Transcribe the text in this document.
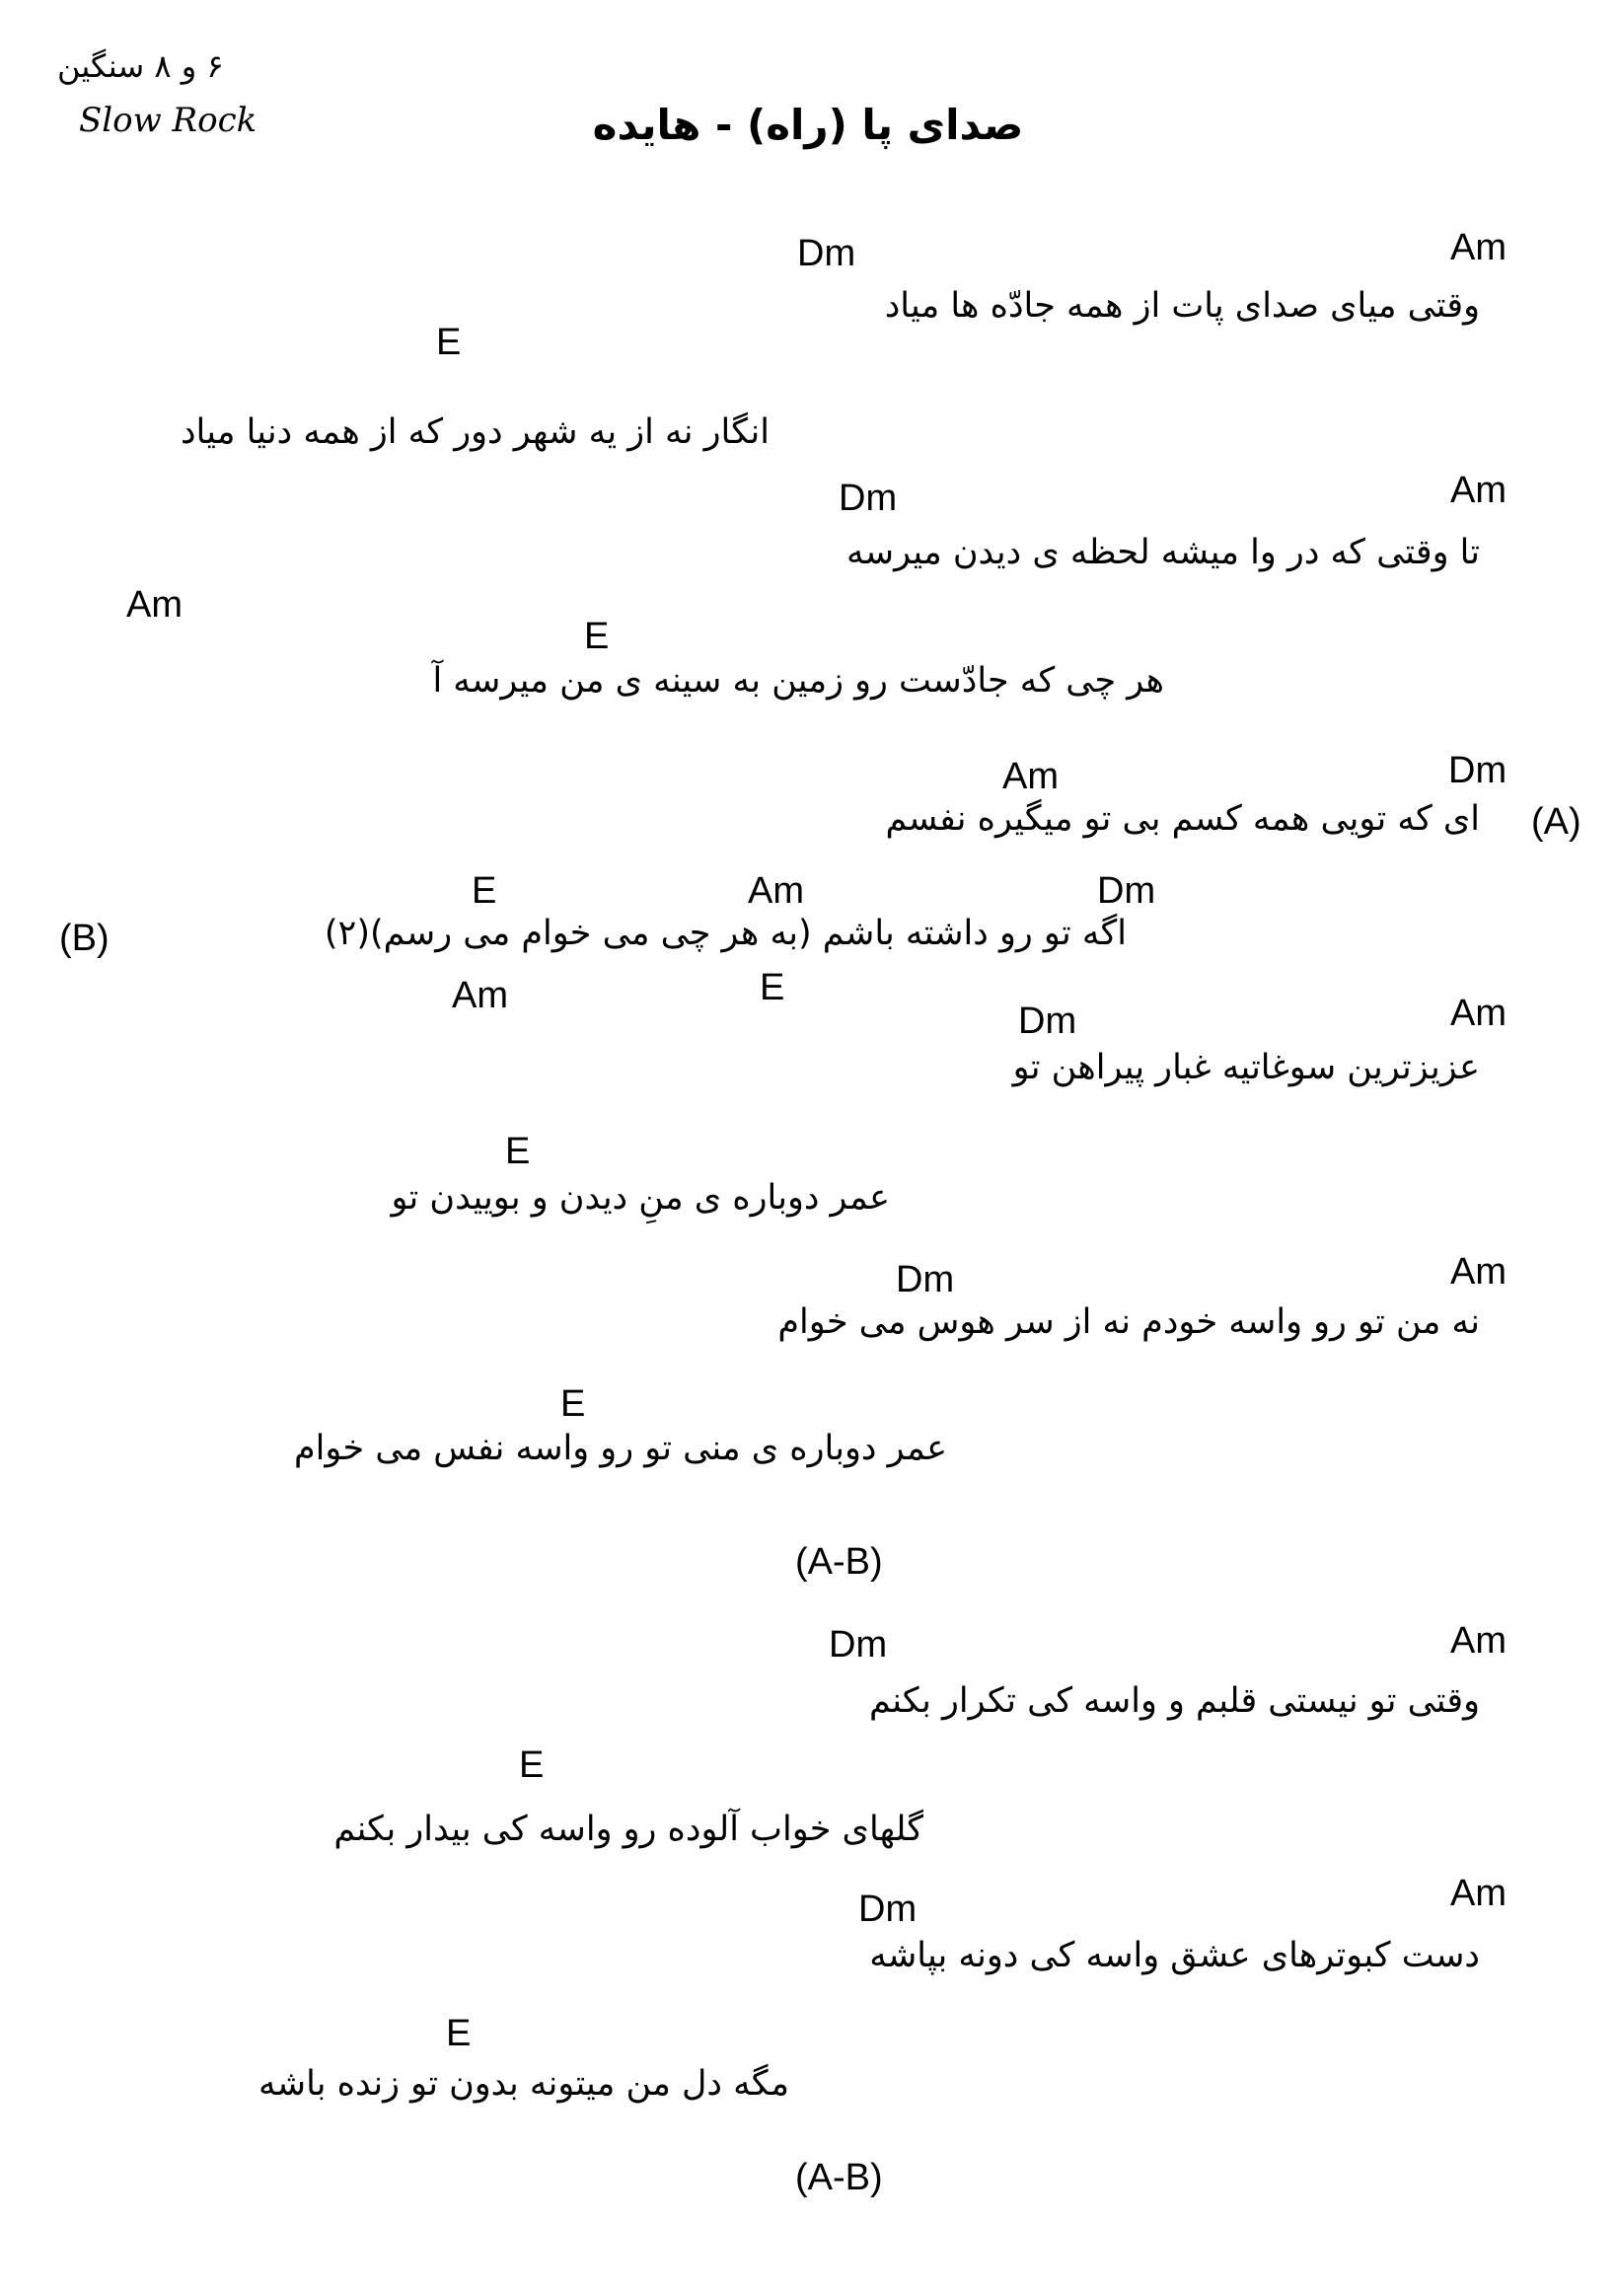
۶ و ۸ سنگین
Slow Rock	صدای پا (راه) - هایده
Am
Dm
وقتی میای صدای پات از همه جادّه ها میاد
E
انگار نه از یه شهر دور که از همه دنیا میاد
Am
Dm
تا وقتی که در وا میشه لحظه ی دیدن میرسه
Am
E
هر چی که جادّست رو زمین به سینه ی من میرسه آ
Dm
Am
(A)
ای که تویی همه کسم بی تو میگیره نفسم
E	Am	Dm
(B)	اگه تو رو داشته باشم (به هر چی می خوام می رسم)(۲)
Am	E
Am
Dm
عزیزترین سوغاتیه غبار پیراهن تو
E
عمر دوباره ی منِ دیدن و بوییدن تو
Am
Dm
نه من تو رو واسه خودم نه از سر هوس می خوام
E
عمر دوباره ی منی تو رو واسه نفس می خوام
(A-B)
Am
Dm
وقتی تو نیستی قلبم و واسه کی تکرار بکنم
E
گلهای خواب آلوده رو واسه کی بیدار بکنم
Am
Dm
دست کبوترهای عشق واسه کی دونه بپاشه
E
مگه دل من میتونه بدون تو زنده باشه
(A-B)
